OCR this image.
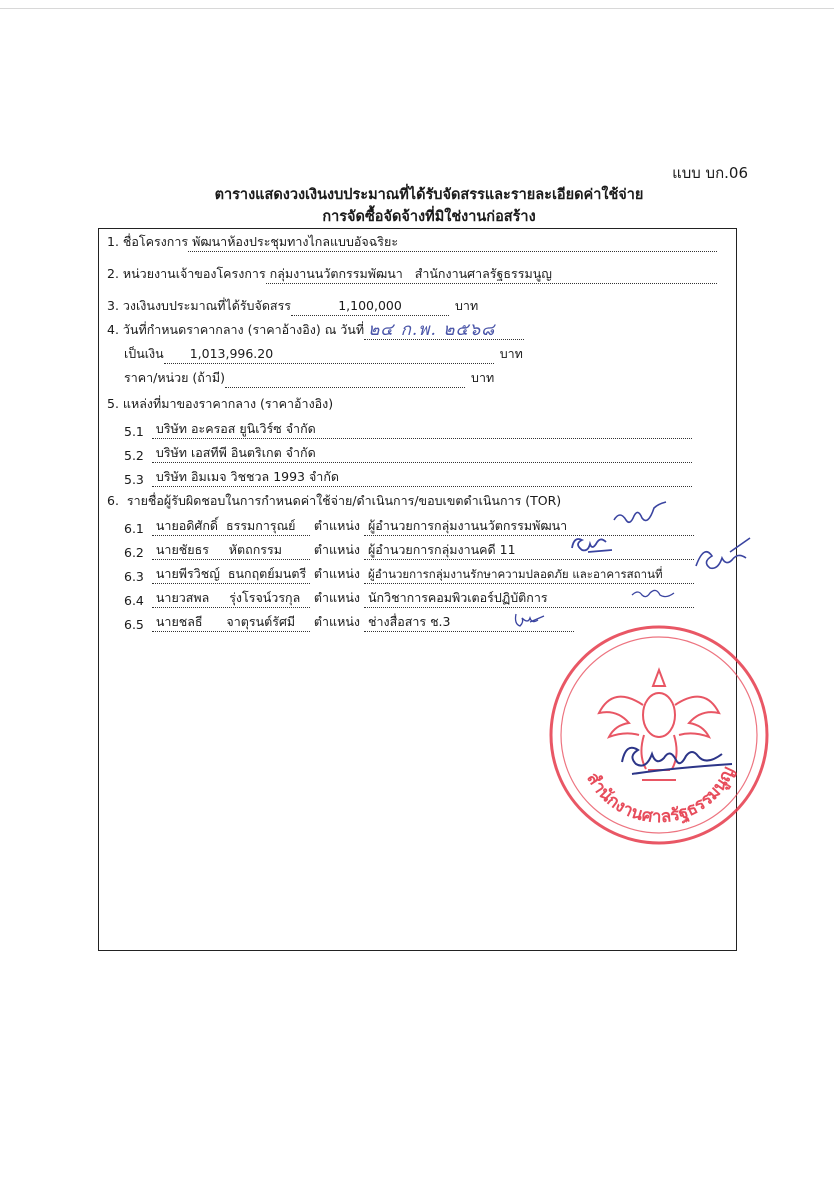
แบบ บก.06
ตารางแสดงวงเงินงบประมาณที่ได้รับจัดสรรและรายละเอียดค่าใช้จ่าย
การจัดซื้อจัดจ้างที่มิใช่งานก่อสร้าง
1. ชื่อโครงการ พัฒนาห้องประชุมทางไกลแบบอัจฉริยะ
2. หน่วยงานเจ้าของโครงการ กลุ่มงานนวัตกรรมพัฒนา   สำนักงานศาลรัฐธรรมนูญ
3. วงเงินงบประมาณที่ได้รับจัดสรร	1,100,000	บาท
4. วันที่กำหนดราคากลาง (ราคาอ้างอิง) ณ วันที่ ๒๔ ก.พ. ๒๕๖๘
เป็นเงิน	1,013,996.20	บาท
ราคา/หน่วย (ถ้ามี)	บาท
5. แหล่งที่มาของราคากลาง (ราคาอ้างอิง)
5.1 บริษัท อะครอส ยูนิเวิร์ซ จำกัด
5.2 บริษัท เอสทีพี อินตริเกต จำกัด
5.3 บริษัท อิมเมจ วิชชวล 1993 จำกัด
6.  รายชื่อผู้รับผิดชอบในการกำหนดค่าใช้จ่าย/ดำเนินการ/ขอบเขตดำเนินการ (TOR)
6.1 นายอดิศักดิ์  ธรรมการุณย์	ตำแหน่ง ผู้อำนวยการกลุ่มงานนวัตกรรมพัฒนา
6.2 นายชัยธร     หัตถกรรม	ตำแหน่ง ผู้อำนวยการกลุ่มงานคดี 11
6.3 นายพีรวิชญ์  ธนกฤตย์มนตรี ตำแหน่ง ผู้อำนวยการกลุ่มงานรักษาความปลอดภัย และอาคารสถานที่
6.4 นายวสพล     รุ่งโรจน์วรกุล	ตำแหน่ง นักวิชาการคอมพิวเตอร์ปฏิบัติการ
6.5 นายชลธี      จาตุรนต์รัศมี	ตำแหน่ง ช่างสื่อสาร ช.3
สำนักงานศาลรัฐธรรมนูญ
